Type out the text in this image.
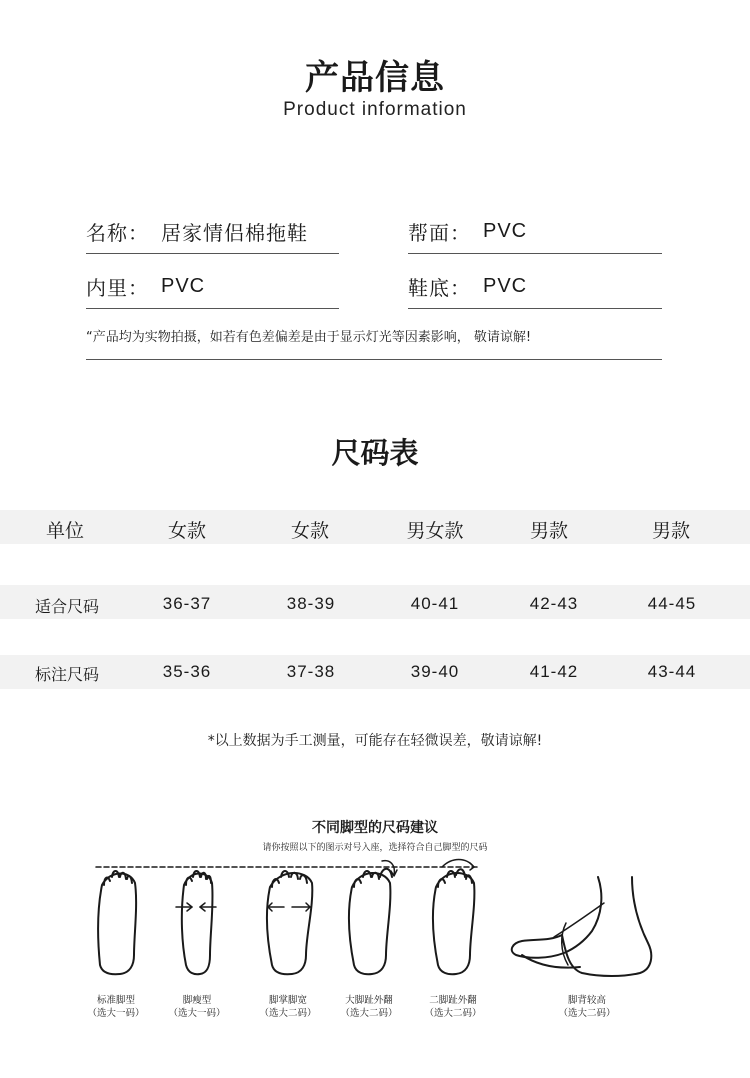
产品信息
Product information
名称： 居家情侣棉拖鞋	帮面： PVC
内里： PVC	鞋底： PVC
“产品均为实物拍摄，如若有色差偏差是由于显示灯光等因素影响， 敬请谅解!
尺码表
单位	女款	女款	男女款	男款	男款
适合尺码	36-37	38-39	40-41	42-43	44-45
标注尺码	35-36	37-38	39-40	41-42	43-44
*以上数据为手工测量，可能存在轻微误差，敬请谅解!
不同脚型的尺码建议
请你按照以下的图示对号入座，选择符合自己脚型的尺码
标准脚型
（选大一码）
脚瘦型
（选大一码）
脚掌脚宽
（选大二码）
大脚趾外翻
（选大二码）
二脚趾外翻
（选大二码）
脚背较高
（选大二码）
